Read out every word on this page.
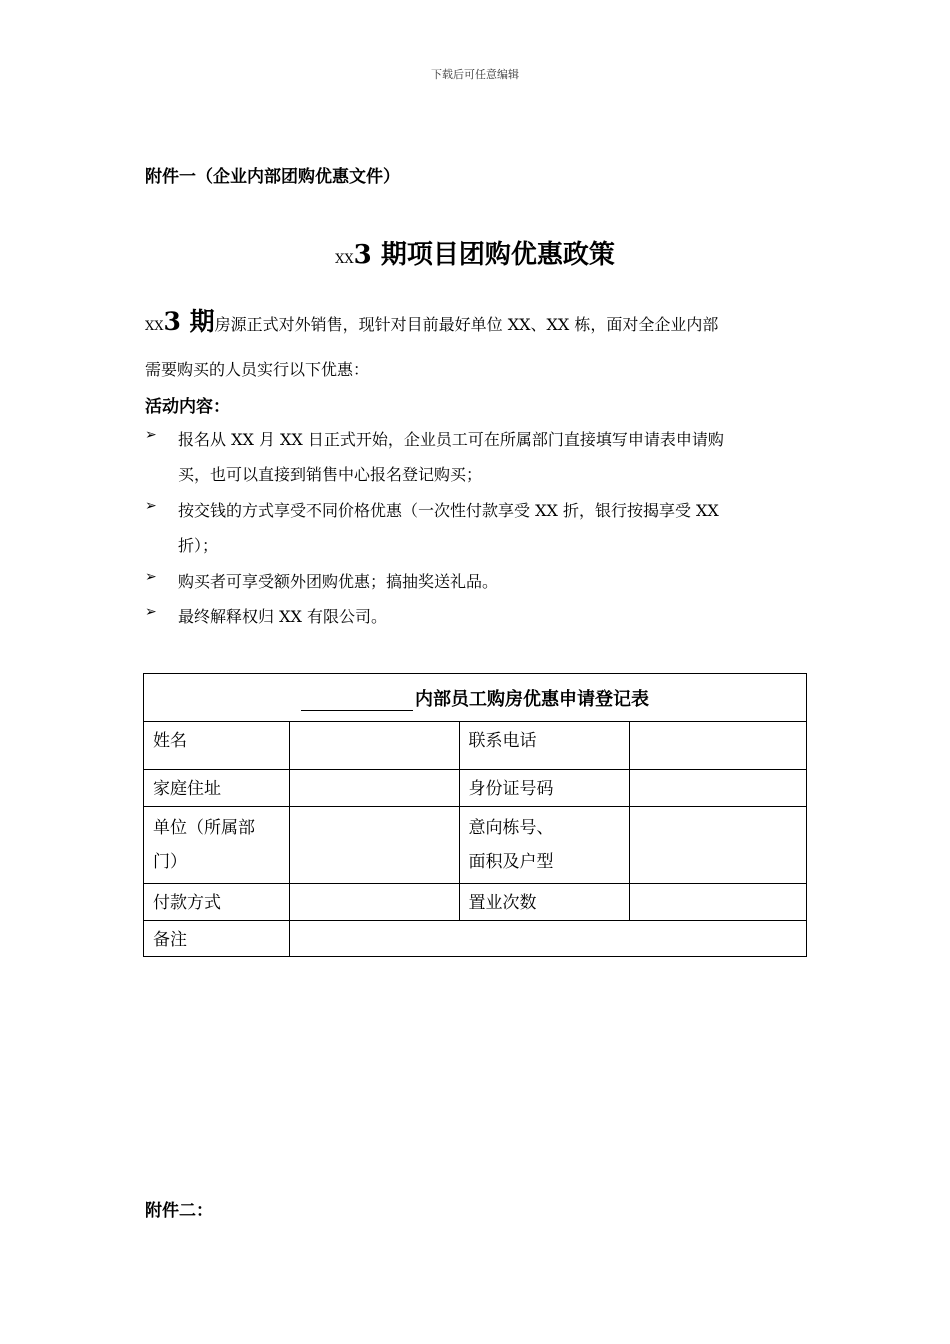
下载后可任意编辑
附件一（企业内部团购优惠文件）
XX3 期项目团购优惠政策
XX3 期房源正式对外销售，现针对目前最好单位 XX、XX 栋，面对全企业内部
需要购买的人员实行以下优惠：
活动内容：
➢ 报名从 XX 月 XX 日正式开始，企业员工可在所属部门直接填写申请表申请购
买，也可以直接到销售中心报名登记购买；
➢ 按交钱的方式享受不同价格优惠（一次性付款享受 XX 折，银行按揭享受 XX
折）；
➢ 购买者可享受额外团购优惠；搞抽奖送礼品。
➢ 最终解释权归 XX 有限公司。
内部员工购房优惠申请登记表			
姓名		联系电话	
家庭住址		身份证号码	
单位（所属部门）		意向栋号、
面积及户型	
付款方式		置业次数	
备注			
附件二：
